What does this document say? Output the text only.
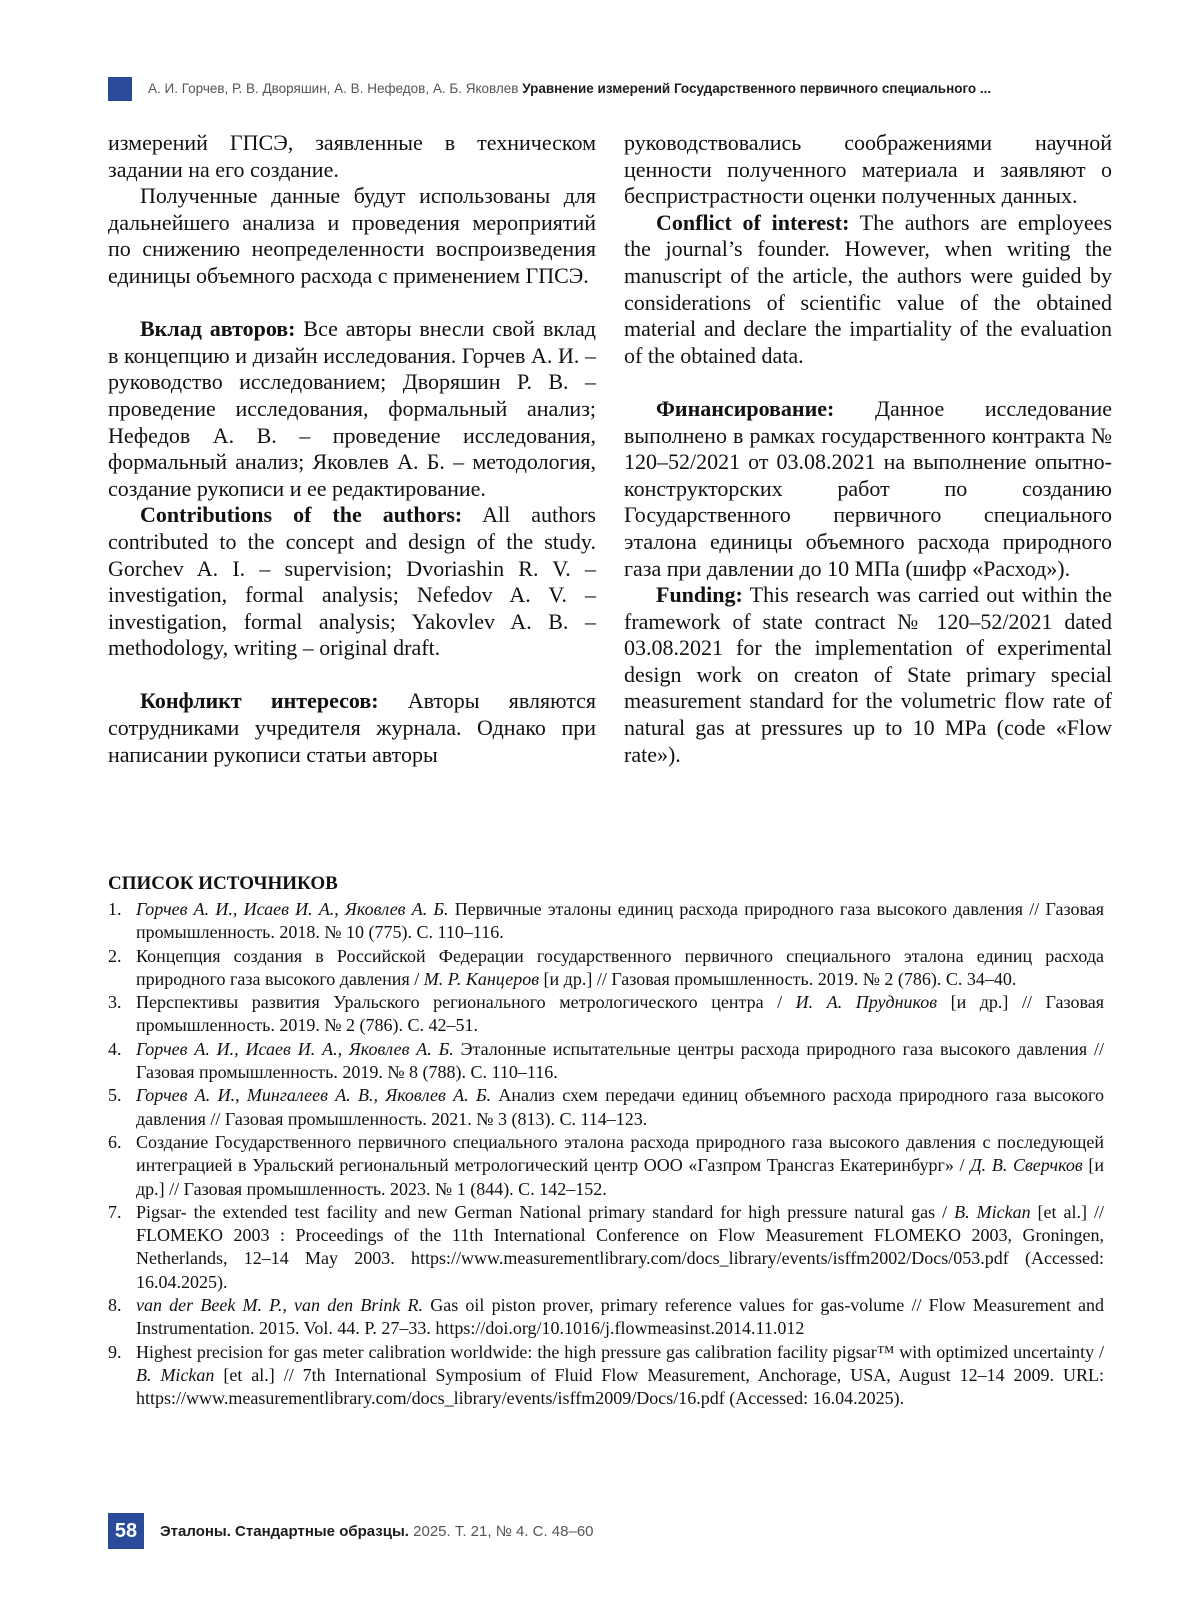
А. И. Горчев, Р. В. Дворяшин, А. В. Нефедов, А. Б. Яковлев Уравнение измерений Государственного первичного специального ...

измерений ГПСЭ, заявленные в техническом задании на его создание.

Полученные данные будут использованы для дальнейшего анализа и проведения мероприятий по снижению неопределенности воспроизведения единицы объемного расхода с применением ГПСЭ.

Вклад авторов: Все авторы внесли свой вклад в концепцию и дизайн исследования. Горчев А. И. – руководство исследованием; Дворяшин Р. В. – проведение исследования, формальный анализ; Нефедов А. В. – проведение исследования, формальный анализ; Яковлев А. Б. – методология, создание рукописи и ее редактирование.

Contributions of the authors: All authors contributed to the concept and design of the study. Gorchev A. I. – supervision; Dvoriashin R. V. – investigation, formal analysis; Nefedov A. V. – investigation, formal analysis; Yakovlev A. B. – methodology, writing – original draft.

Конфликт интересов: Авторы являются сотрудниками учредителя журнала. Однако при написании рукописи статьи авторы

руководствовались соображениями научной ценности полученного материала и заявляют о беспристрастности оценки полученных данных.

Conflict of interest: The authors are employees the journal’s founder. However, when writing the manuscript of the article, the authors were guided by considerations of scientific value of the obtained material and declare the impartiality of the evaluation of the obtained data.

Финансирование: Данное исследование выполнено в рамках государственного контракта № 120–52/2021 от 03.08.2021 на выполнение опытно-конструкторских работ по созданию Государственного первичного специального эталона единицы объемного расхода природного газа при давлении до 10 МПа (шифр «Расход»).

Funding: This research was carried out within the framework of state contract № 120–52/2021 dated 03.08.2021 for the implementation of experimental design work on creaton of State primary special measurement standard for the volumetric flow rate of natural gas at pressures up to 10 MPa (code «Flow rate»).

СПИСОК ИСТОЧНИКОВ
1. Горчев А. И., Исаев И. А., Яковлев А. Б. Первичные эталоны единиц расхода природного газа высокого давления // Газовая промышленность. 2018. № 10 (775). С. 110–116.
2. Концепция создания в Российской Федерации государственного первичного специального эталона единиц расхода природного газа высокого давления / М. Р. Канцеров [и др.] // Газовая промышленность. 2019. № 2 (786). С. 34–40.
3. Перспективы развития Уральского регионального метрологического центра / И. А. Прудников [и др.] // Газовая промышленность. 2019. № 2 (786). С. 42–51.
4. Горчев А. И., Исаев И. А., Яковлев А. Б. Эталонные испытательные центры расхода природного газа высокого давления // Газовая промышленность. 2019. № 8 (788). С. 110–116.
5. Горчев А. И., Мингалеев А. В., Яковлев А. Б. Анализ схем передачи единиц объемного расхода природного газа высокого давления // Газовая промышленность. 2021. № 3 (813). С. 114–123.
6. Создание Государственного первичного специального эталона расхода природного газа высокого давления с последующей интеграцией в Уральский региональный метрологический центр ООО «Газпром Трансгаз Екатеринбург» / Д. В. Сверчков [и др.] // Газовая промышленность. 2023. № 1 (844). С. 142–152.
7. Pigsar- the extended test facility and new German National primary standard for high pressure natural gas / B. Mickan [et al.] // FLOMEKO 2003 : Proceedings of the 11th International Conference on Flow Measurement FLOMEKO 2003, Groningen, Netherlands, 12–14 May 2003. https://www.measurementlibrary.com/docs_library/events/isffm2002/Docs/053.pdf (Accessed: 16.04.2025).
8. van der Beek M. P., van den Brink R. Gas oil piston prover, primary reference values for gas-volume // Flow Measurement and Instrumentation. 2015. Vol. 44. P. 27–33. https://doi.org/10.1016/j.flowmeasinst.2014.11.012
9. Highest precision for gas meter calibration worldwide: the high pressure gas calibration facility pigsar™ with optimized uncertainty / B. Mickan [et al.] // 7th International Symposium of Fluid Flow Measurement, Anchorage, USA, August 12–14 2009. URL: https://www.measurementlibrary.com/docs_library/events/isffm2009/Docs/16.pdf (Accessed: 16.04.2025).
58	Эталоны. Стандартные образцы. 2025. Т. 21, № 4. С. 48–60
